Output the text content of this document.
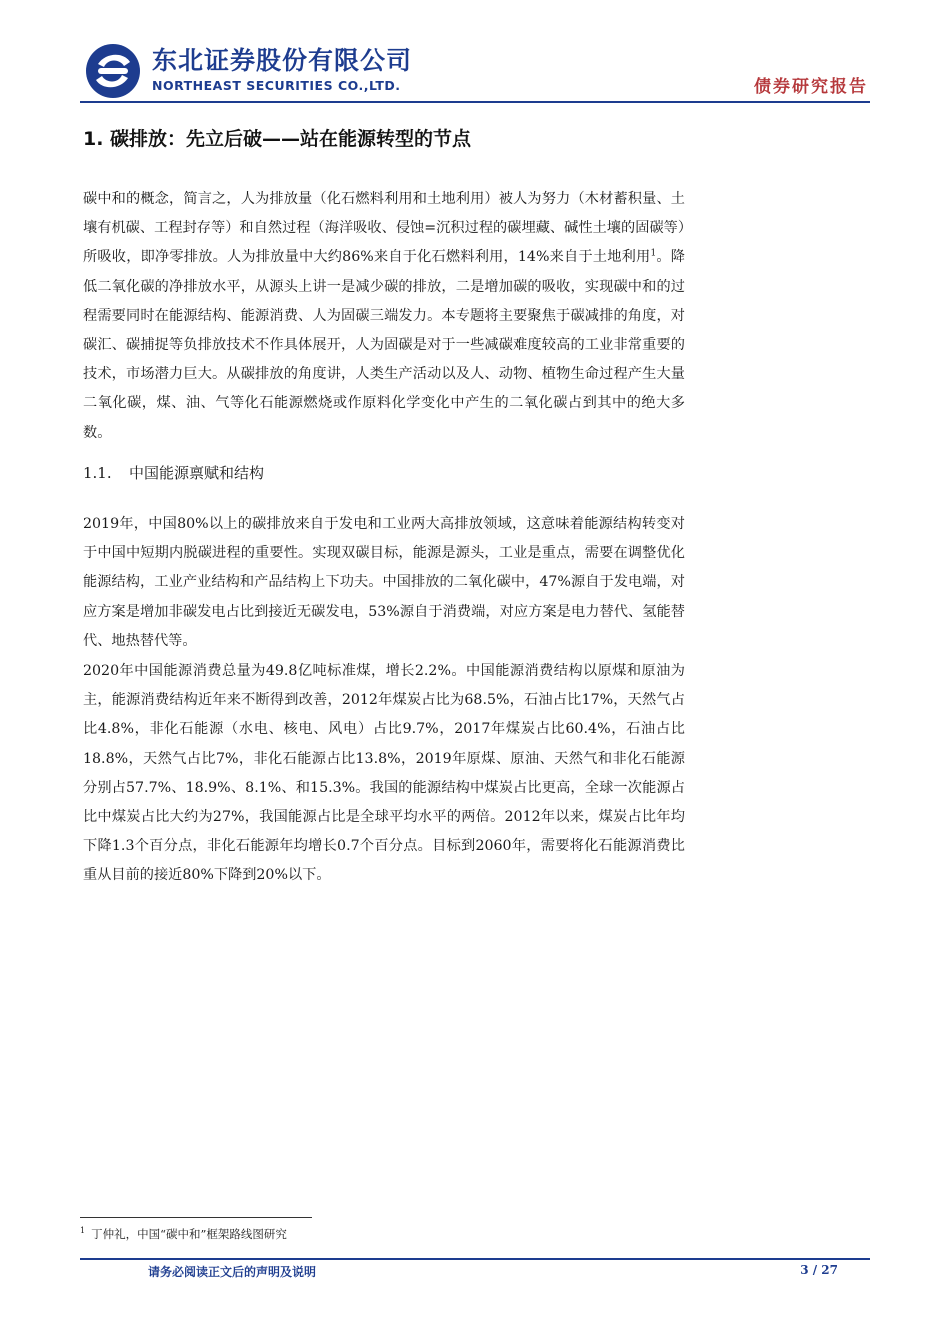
东北证券股份有限公司
NORTHEAST SECURITIES CO.,LTD.	债券研究报告
1. 碳排放：先立后破——站在能源转型的节点
碳中和的概念，简言之，人为排放量（化石燃料利用和土地利用）被人为努力（木材蓄积量、土壤有机碳、工程封存等）和自然过程（海洋吸收、侵蚀=沉积过程的碳埋藏、碱性土壤的固碳等）所吸收，即净零排放。人为排放量中大约86%来自于化石燃料利用，14%来自于土地利用$^1$。降低二氧化碳的净排放水平，从源头上讲一是减少碳的排放，二是增加碳的吸收，实现碳中和的过程需要同时在能源结构、能源消费、人为固碳三端发力。本专题将主要聚焦于碳减排的角度，对碳汇、碳捕捉等负排放技术不作具体展开，人为固碳是对于一些减碳难度较高的工业非常重要的技术，市场潜力巨大。从碳排放的角度讲，人类生产活动以及人、动物、植物生命过程产生大量二氧化碳，煤、油、气等化石能源燃烧或作原料化学变化中产生的二氧化碳占到其中的绝大多数。
1.1. 中国能源禀赋和结构
2019年，中国80%以上的碳排放来自于发电和工业两大高排放领域，这意味着能源结构转变对于中国中短期内脱碳进程的重要性。实现双碳目标，能源是源头，工业是重点，需要在调整优化能源结构，工业产业结构和产品结构上下功夫。中国排放的二氧化碳中，47%源自于发电端，对应方案是增加非碳发电占比到接近无碳发电，53%源自于消费端，对应方案是电力替代、氢能替代、地热替代等。
2020年中国能源消费总量为49.8亿吨标准煤，增长2.2%。中国能源消费结构以原煤和原油为主，能源消费结构近年来不断得到改善，2012年煤炭占比为68.5%，石油占比17%，天然气占比4.8%，非化石能源（水电、核电、风电）占比9.7%，2017年煤炭占比60.4%，石油占比18.8%，天然气占比7%，非化石能源占比13.8%，2019年原煤、原油、天然气和非化石能源分别占57.7%、18.9%、8.1%、和15.3%。我国的能源结构中煤炭占比更高，全球一次能源占比中煤炭占比大约为27%，我国能源占比是全球平均水平的两倍。2012年以来，煤炭占比年均下降1.3个百分点，非化石能源年均增长0.7个百分点。目标到2060年，需要将化石能源消费比重从目前的接近80%下降到20%以下。
$^1$ 丁仲礼，中国“碳中和”框架路线图研究
请务必阅读正文后的声明及说明	3 / 27
